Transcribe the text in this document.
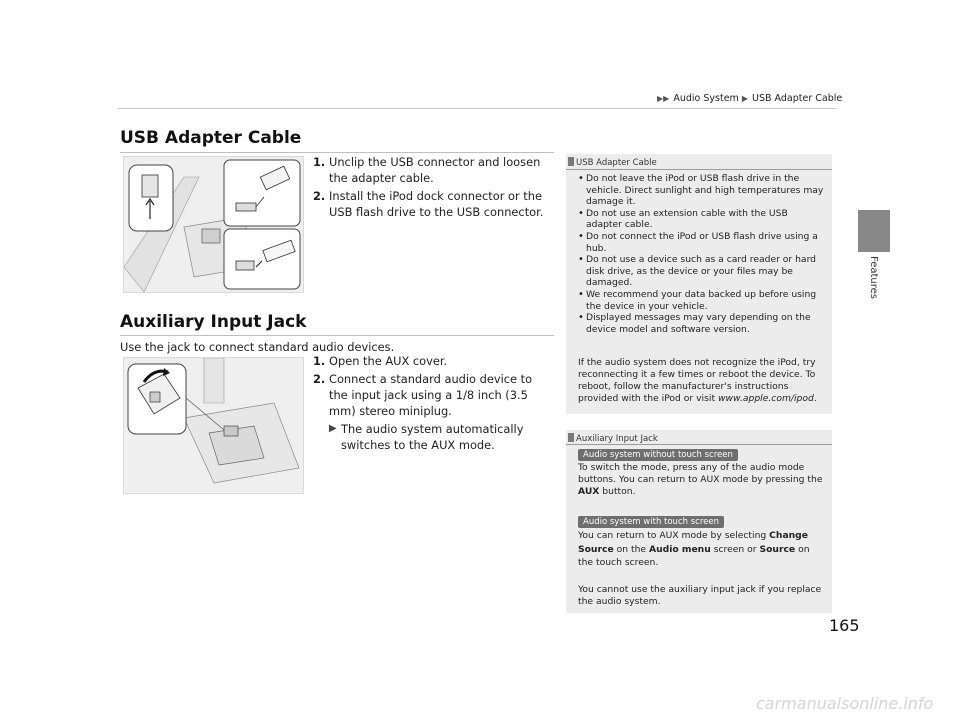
▶▶ Audio System ▶ USB Adapter Cable
Features
USB Adapter Cable
1. Unclip the USB connector and loosen the adapter cable.
2. Install the iPod dock connector or the USB flash drive to the USB connector.
USB Adapter Cable
• Do not leave the iPod or USB flash drive in the vehicle. Direct sunlight and high temperatures may damage it.
• Do not use an extension cable with the USB adapter cable.
• Do not connect the iPod or USB flash drive using a hub.
• Do not use a device such as a card reader or hard disk drive, as the device or your files may be damaged.
• We recommend your data backed up before using the device in your vehicle.
• Displayed messages may vary depending on the device model and software version.
If the audio system does not recognize the iPod, try reconnecting it a few times or reboot the device. To reboot, follow the manufacturer's instructions provided with the iPod or visit www.apple.com/ipod.
Auxiliary Input Jack
Use the jack to connect standard audio devices.
1. Open the AUX cover.
2. Connect a standard audio device to the input jack using a 1/8 inch (3.5 mm) stereo miniplug.
▶ The audio system automatically switches to the AUX mode.	Auxiliary Input Jack
Audio system without touch screen
To switch the mode, press any of the audio mode buttons. You can return to AUX mode by pressing the AUX button.
Audio system with touch screen
You can return to AUX mode by selecting Change Source on the Audio menu screen or Source on the touch screen.
You cannot use the auxiliary input jack if you replace the audio system.
165
carmanualsonline.info
